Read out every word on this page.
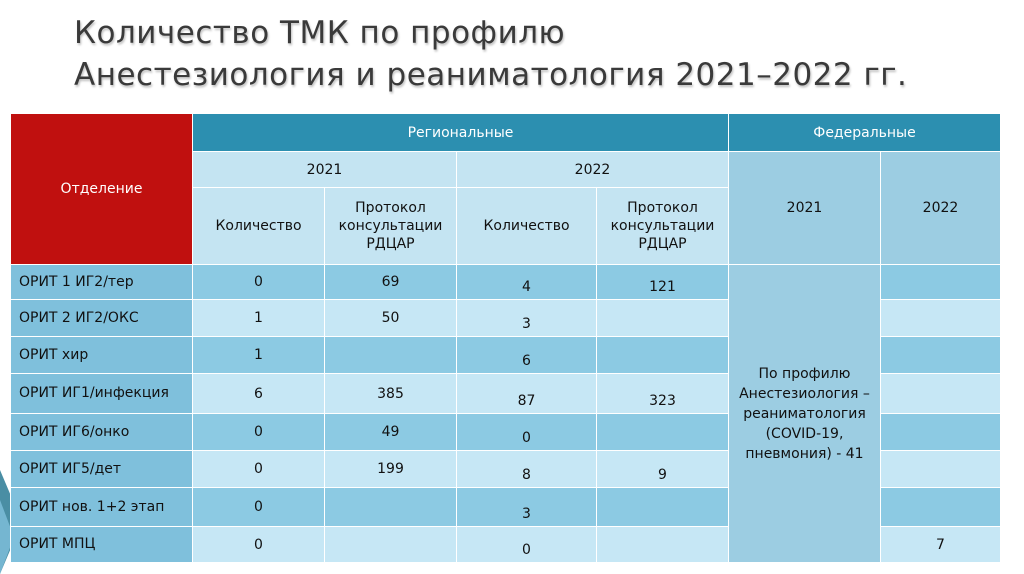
Количество ТМК по профилю
Анестезиология и реаниматология 2021–2022 гг.
Отделение	Региональные				Федеральные	
	2021		2022		2021	2022
	Количество	Протокол консультации РДЦАР	Количество	Протокол консультации РДЦАР		
ОРИТ 1 ИГ2/тер	0	69	4	121	По профилю Анестезиология – реаниматология (COVID-19, пневмония) - 41	
ОРИТ 2 ИГ2/ОКС	1	50	3			
ОРИТ хир	1		6			
ОРИТ ИГ1/инфекция	6	385	87	323		
ОРИТ ИГ6/онко	0	49	0			
ОРИТ ИГ5/дет	0	199	8	9		
ОРИТ нов. 1+2 этап	0		3			
ОРИТ МПЦ	0		0			7
